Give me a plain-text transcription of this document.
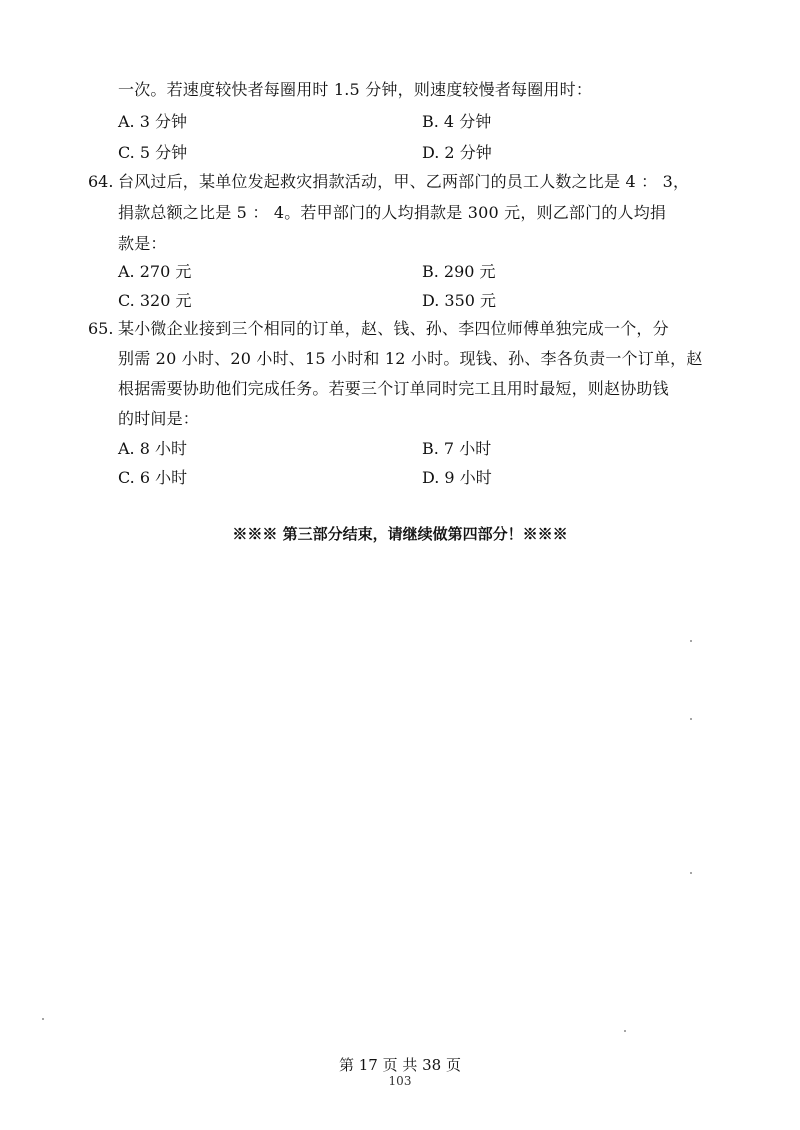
一次。若速度较快者每圈用时 1.5 分钟，则速度较慢者每圈用时：
A. 3 分钟	B. 4 分钟
C. 5 分钟	D. 2 分钟
64. 台风过后，某单位发起救灾捐款活动，甲、乙两部门的员工人数之比是 4 ： 3，
捐款总额之比是 5 ： 4。若甲部门的人均捐款是 300 元，则乙部门的人均捐
款是：
A. 270 元	B. 290 元
C. 320 元	D. 350 元
65. 某小微企业接到三个相同的订单，赵、钱、孙、李四位师傅单独完成一个，分
别需 20 小时、20 小时、15 小时和 12 小时。现钱、孙、李各负责一个订单，赵
根据需要协助他们完成任务。若要三个订单同时完工且用时最短，则赵协助钱
的时间是：
A. 8 小时	B. 7 小时
C. 6 小时	D. 9 小时
※※※ 第三部分结束，请继续做第四部分！※※※
第 17 页 共 38 页
103
